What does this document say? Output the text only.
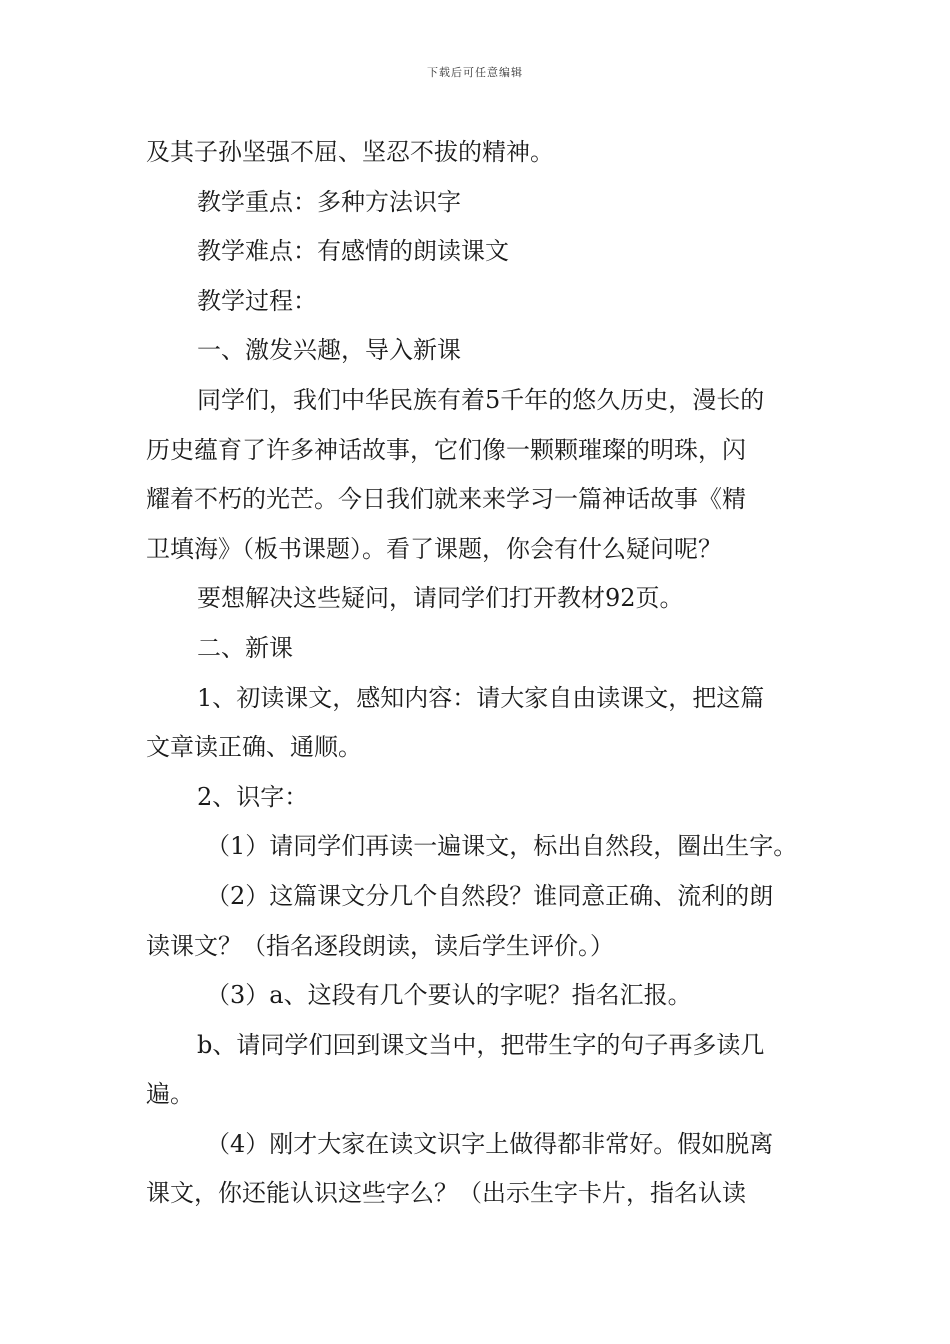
下载后可任意编辑
及其子孙坚强不屈、坚忍不拔的精神。
教学重点：多种方法识字
教学难点：有感情的朗读课文
教学过程：
一、激发兴趣，导入新课
同学们，我们中华民族有着5千年的悠久历史，漫长的
历史蕴育了许多神话故事，它们像一颗颗璀璨的明珠，闪
耀着不朽的光芒。今日我们就来来学习一篇神话故事《精
卫填海》（板书课题）。看了课题，你会有什么疑问呢？
要想解决这些疑问，请同学们打开教材92页。
二、新课
1、初读课文，感知内容：请大家自由读课文，把这篇
文章读正确、通顺。
2、识字：
（1）请同学们再读一遍课文，标出自然段，圈出生字。
（2）这篇课文分几个自然段？谁同意正确、流利的朗
读课文？（指名逐段朗读，读后学生评价。）
（3）a、这段有几个要认的字呢？指名汇报。
b、请同学们回到课文当中，把带生字的句子再多读几
遍。
（4）刚才大家在读文识字上做得都非常好。假如脱离
课文，你还能认识这些字么？（出示生字卡片，指名认读
